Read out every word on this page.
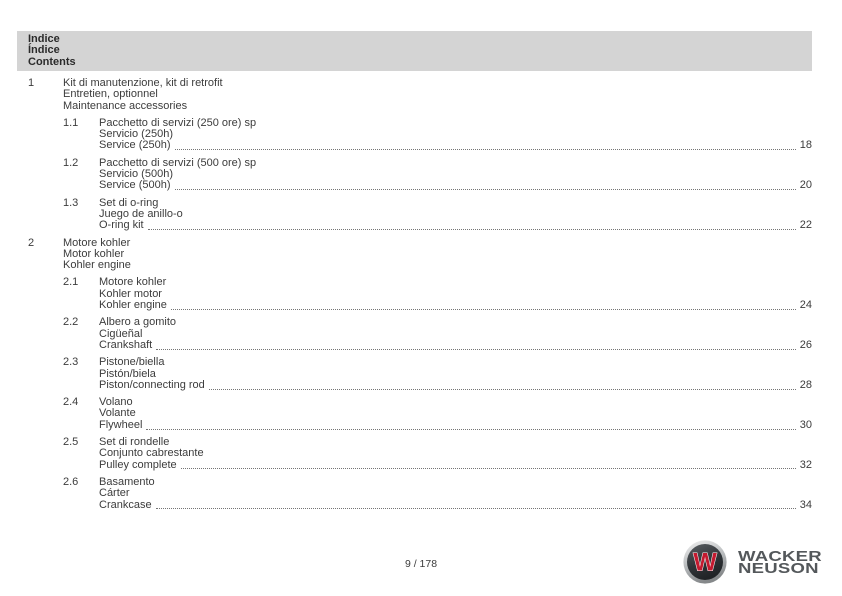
Indice
Índice
Contents
1	Kit di manutenzione, kit di retrofit
Entretien, optionnel
Maintenance accessories
1.1	Pacchetto di servizi (250 ore) sp
Servicio (250h)
Service (250h)	18
1.2	Pacchetto di servizi (500 ore) sp
Servicio (500h)
Service (500h)	20
1.3	Set di o-ring
Juego de anillo-o
O-ring kit	22
2	Motore kohler
Motor kohler
Kohler engine
2.1	Motore kohler
Kohler motor
Kohler engine	24
2.2	Albero a gomito
Cigüeñal
Crankshaft	26
2.3	Pistone/biella
Pistón/biela
Piston/connecting rod	28
2.4	Volano
Volante
Flywheel	30
2.5	Set di rondelle
Conjunto cabrestante
Pulley complete	32
2.6	Basamento
Cárter
Crankcase	34
9 / 178	W WACKER
NEUSON
